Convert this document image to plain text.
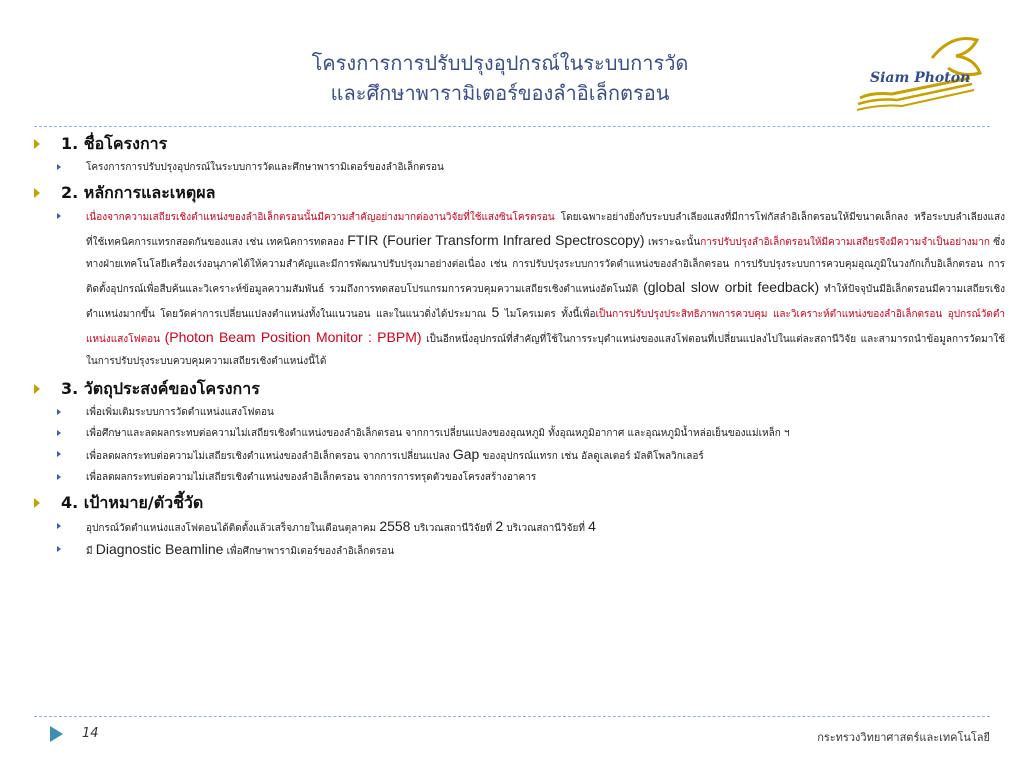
โครงการการปรับปรุงอุปกรณ์ในระบบการวัด
และศึกษาพารามิเตอร์ของลำอิเล็กตรอน
Siam Photon
1. ชื่อโครงการ
โครงการการปรับปรุงอุปกรณ์ในระบบการวัดและศึกษาพารามิเตอร์ของลำอิเล็กตรอน
2. หลักการและเหตุผล
เนื่องจากความเสถียรเชิงตำแหน่งของลำอิเล็กตรอนนั้นมีความสำคัญอย่างมากต่องานวิจัยที่ใช้แสงซินโครตรอน โดยเฉพาะอย่างยิ่งกับระบบลำเลียงแสงที่มีการโฟกัสลำอิเล็กตรอนให้มีขนาดเล็กลง หรือระบบลำเลียงแสงที่ใช้เทคนิคการแทรกสอดกันของแสง เช่น เทคนิคการทดลอง FTIR (Fourier Transform Infrared Spectroscopy) เพราะฉะนั้นการปรับปรุงลำอิเล็กตรอนให้มีความเสถียรจึงมีความจำเป็นอย่างมาก ซึ่งทางฝ่ายเทคโนโลยีเครื่องเร่งอนุภาคได้ให้ความสำคัญและมีการพัฒนาปรับปรุงมาอย่างต่อเนื่อง เช่น การปรับปรุงระบบการวัดตำแหน่งของลำอิเล็กตรอน การปรับปรุงระบบการควบคุมอุณภูมิในวงกักเก็บอิเล็กตรอน การติดตั้งอุปกรณ์เพื่อสืบค้นและวิเคราะห์ข้อมูลความสัมพันธ์ รวมถึงการทดสอบโปรแกรมการควบคุมความเสถียรเชิงตำแหน่งอัตโนมัติ (global slow orbit feedback) ทำให้ปัจจุบันมีอิเล็กตรอนมีความเสถียรเชิงตำแหน่งมากขึ้น โดยวัดค่าการเปลี่ยนแปลงตำแหน่งทั้งในแนวนอน และในแนวดิ่งได้ประมาณ 5 ไมโครเมตร ทั้งนี้เพื่อเป็นการปรับปรุงประสิทธิภาพการควบคุม และวิเคราะห์ตำแหน่งของลำอิเล็กตรอน อุปกรณ์วัดตำแหน่งแสงโฟตอน (Photon Beam Position Monitor : PBPM) เป็นอีกหนึ่งอุปกรณ์ที่สำคัญที่ใช้ในการระบุตำแหน่งของแสงโฟตอนที่เปลี่ยนแปลงไปในแต่ละสถานีวิจัย และสามารถนำข้อมูลการวัดมาใช้ในการปรับปรุงระบบควบคุมความเสถียรเชิงตำแหน่งนี้ได้
3. วัตถุประสงค์ของโครงการ
เพื่อเพิ่มเติมระบบการวัดตำแหน่งแสงโฟตอน
เพื่อศึกษาและลดผลกระทบต่อความไม่เสถียรเชิงตำแหน่งของลำอิเล็กตรอน จากการเปลี่ยนแปลงของอุณหภูมิ ทั้งอุณหภูมิอากาศ และอุณหภูมิน้ำหล่อเย็นของแม่เหล็ก ฯ
เพื่อลดผลกระทบต่อความไม่เสถียรเชิงตำแหน่งของลำอิเล็กตรอน จากการเปลี่ยนแปลง Gap ของอุปกรณ์แทรก เช่น อัลดูเลเตอร์ มัลติโพลวิกเลอร์
เพื่อลดผลกระทบต่อความไม่เสถียรเชิงตำแหน่งของลำอิเล็กตรอน จากการการทรุดตัวของโครงสร้างอาคาร
4. เป้าหมาย/ตัวชี้วัด
อุปกรณ์วัดตำแหน่งแสงโฟตอนได้ติดตั้งแล้วเสร็จภายในเดือนตุลาคม 2558 บริเวณสถานีวิจัยที่ 2 บริเวณสถานีวิจัยที่ 4
มี Diagnostic Beamline เพื่อศึกษาพารามิเตอร์ของลำอิเล็กตรอน
14	กระทรวงวิทยาศาสตร์และเทคโนโลยี
